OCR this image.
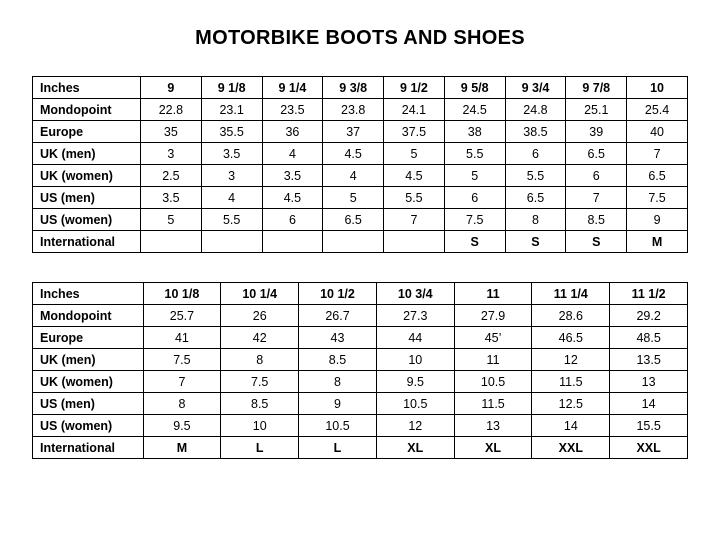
MOTORBIKE BOOTS AND SHOES
Inches	9	9 1/8	9 1/4	9 3/8	9 1/2	9 5/8	9 3/4	9 7/8	10
Mondopoint	22.8	23.1	23.5	23.8	24.1	24.5	24.8	25.1	25.4
Europe	35	35.5	36	37	37.5	38	38.5	39	40
UK (men)	3	3.5	4	4.5	5	5.5	6	6.5	7
UK (women)	2.5	3	3.5	4	4.5	5	5.5	6	6.5
US (men)	3.5	4	4.5	5	5.5	6	6.5	7	7.5
US (women)	5	5.5	6	6.5	7	7.5	8	8.5	9
International						S	S	S	M
Inches	10 1/8	10 1/4	10 1/2	10 3/4	11	11 1/4	11 1/2
Mondopoint	25.7	26	26.7	27.3	27.9	28.6	29.2
Europe	41	42	43	44	45’	46.5	48.5
UK (men)	7.5	8	8.5	10	11	12	13.5
UK (women)	7	7.5	8	9.5	10.5	11.5	13
US (men)	8	8.5	9	10.5	11.5	12.5	14
US (women)	9.5	10	10.5	12	13	14	15.5
International	M	L	L	XL	XL	XXL	XXL
